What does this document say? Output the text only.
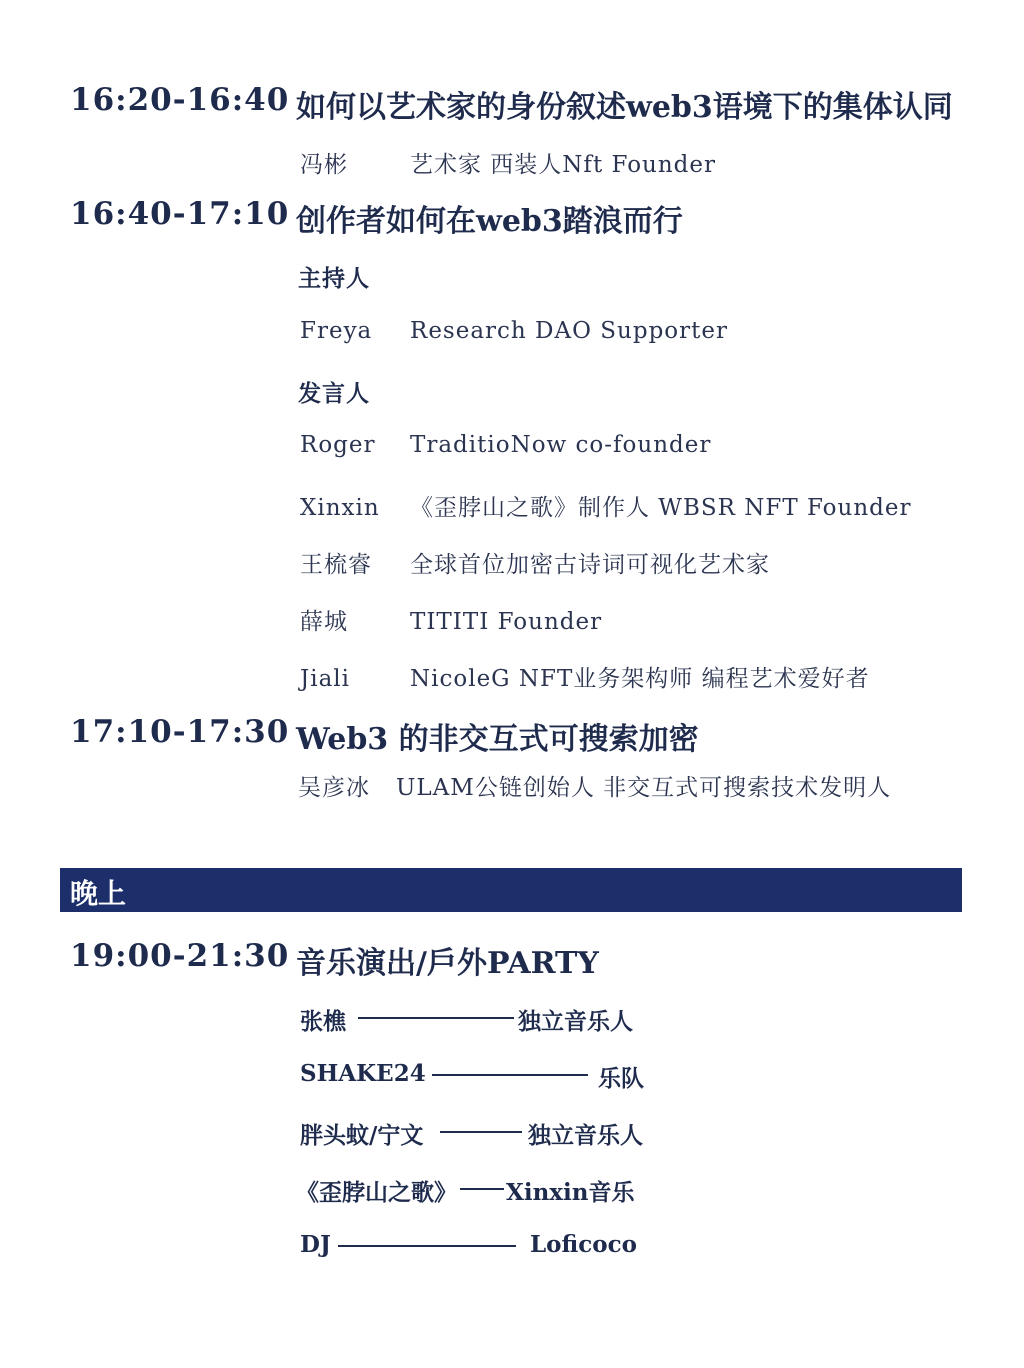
16:20-16:40 如何以艺术家的身份叙述web3语境下的集体认同
冯彬	艺术家 西装人Nft Founder
16:40-17:10 创作者如何在web3踏浪而行
主持人
Freya Research DAO Supporter
发言人
Roger TraditioNow co-founder
Xinxin 《歪脖山之歌》制作人 WBSR NFT Founder
王梳睿 全球首位加密古诗词可视化艺术家
薛城	TITITI Founder
Jiali	NicoleG NFT业务架构师 编程艺术爱好者
17:10-17:30 Web3 的非交互式可搜索加密
吴彦冰 ULAM公链创始人 非交互式可搜索技术发明人
晚上
19:00-21:30 音乐演出/戶外PARTY
张樵	独立音乐人
SHAKE24	乐队
胖头蚊/宁文	独立音乐人
《歪脖山之歌》 Xinxin音乐
DJ	Loficoco
